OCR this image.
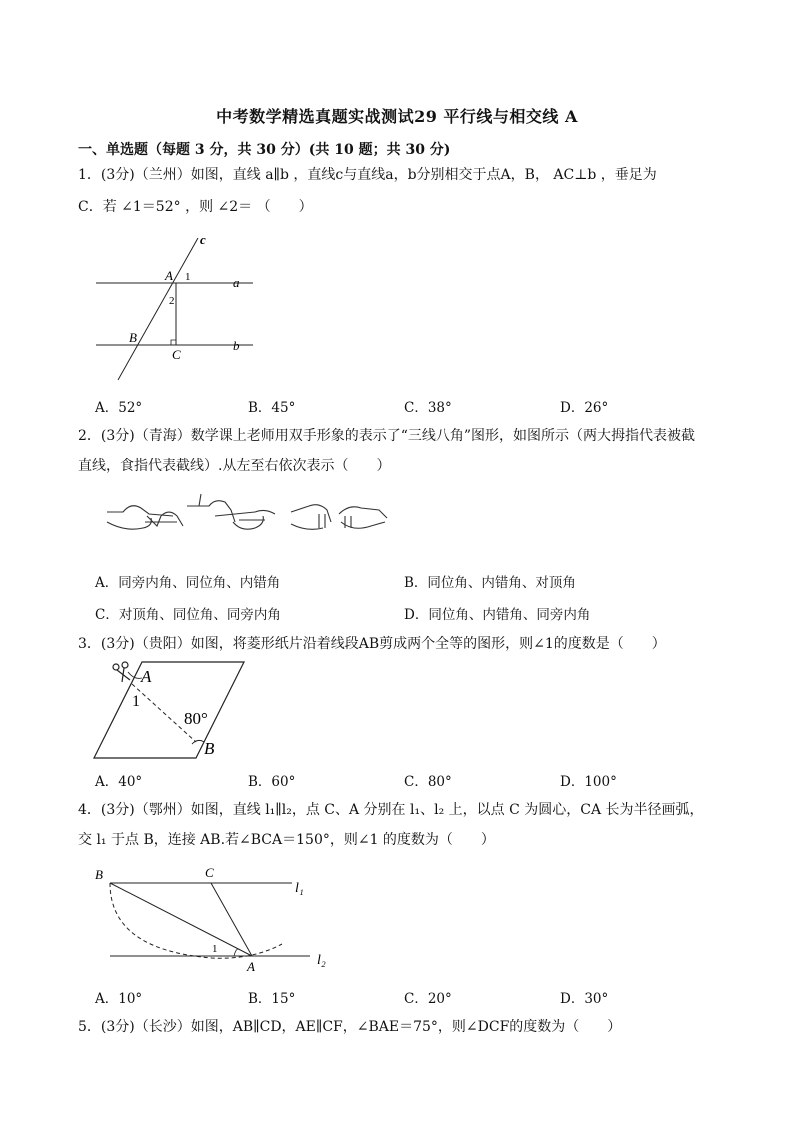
中考数学精选真题实战测试29 平行线与相交线 A
一、单选题（每题 3 分，共 30 分）(共 10 题；共 30 分)
1．(3分)（兰州）如图，直线 a∥b ，直线c与直线a，b分别相交于点A，B， AC⊥b ，垂足为
C．若 ∠1＝52° ，则 ∠2＝ （　　）
c
a
b
A
B
C
1
2
A．52°	B．45°	C．38°	D．26°
2．(3分)（青海）数学课上老师用双手形象的表示了“三线八角”图形，如图所示（两大拇指代表被截
直线，食指代表截线）.从左至右依次表示（　　）
A．同旁内角、同位角、内错角	B．同位角、内错角、对顶角
C．对顶角、同位角、同旁内角	D．同位角、内错角、同旁内角
3．(3分)（贵阳）如图，将菱形纸片沿着线段AB剪成两个全等的图形，则∠1的度数是（　　）
A
B
1
80°
A．40°	B．60°	C．80°	D．100°
4．(3分)（鄂州）如图，直线 l₁∥l₂，点 C、A 分别在 l₁、l₂ 上，以点 C 为圆心，CA 长为半径画弧，
交 l₁ 于点 B，连接 AB.若∠BCA＝150°，则∠1 的度数为（　　）
B	C
A
1
l₁
l₂
A．10°	B．15°	C．20°	D．30°
5．(3分)（长沙）如图，AB∥CD，AE∥CF，∠BAE＝75°，则∠DCF的度数为（　　）
